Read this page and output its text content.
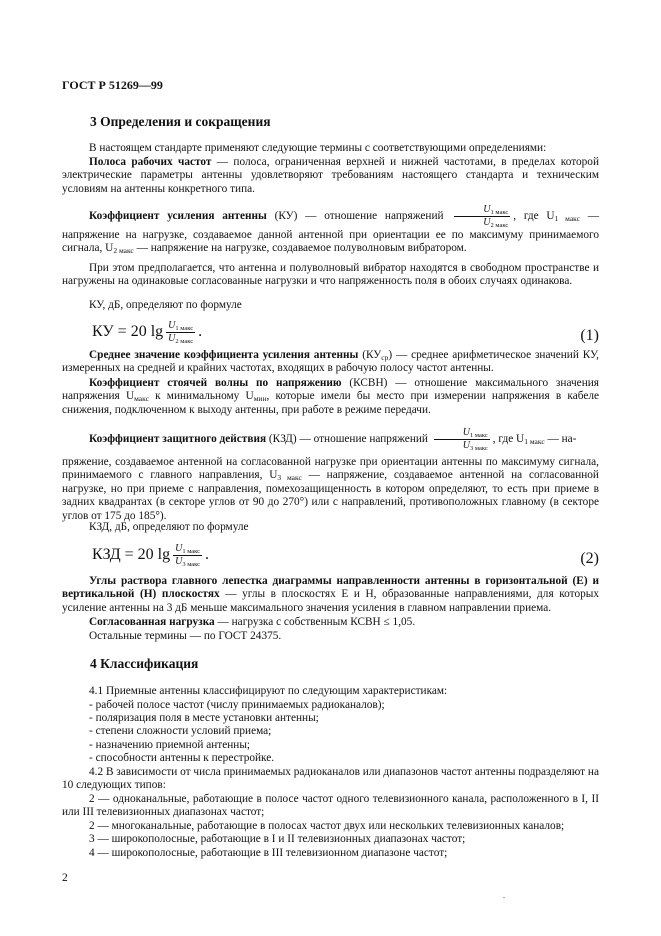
ГОСТ Р 51269—99
3 Определения и сокращения
В настоящем стандарте применяют следующие термины с соответствующими определениями:
Полоса рабочих частот — полоса, ограниченная верхней и нижней частотами, в пределах которой электрические параметры антенны удовлетворяют требованиям настоящего стандарта и техническим условиям на антенны конкретного типа.
Коэффициент усиления антенны (КУ) — отношение напряжений $\frac{U_{1 макс}}{U_{2 макс}}$ , где $U_{1 макс}$ — напряжение на нагрузке, создаваемое данной антенной при ориентации ее по максимуму принимаемого сигнала, $U_{2 макс}$ — напряжение на нагрузке, создаваемое полуволновым вибратором.
При этом предполагается, что антенна и полуволновый вибратор находятся в свободном пространстве и нагружены на одинаковые согласованные нагрузки и что напряженность поля в обоих случаях одинакова.
КУ, дБ, определяют по формуле
КУ = 20 $\lg \frac{U_{1 макс}}{U_{2 макс}}$ .	(1)
Среднее значение коэффициента усиления антенны $(КУ_{ср})$ — среднее арифметическое значений КУ, измеренных на средней и крайних частотах, входящих в рабочую полосу частот антенны.
Коэффициент стоячей волны по напряжению (КСВН) — отношение максимального значения напряжения $U_{макс}$ к минимальному $U_{мин}$, которые имели бы место при измерении напряжения в кабеле снижения, подключенном к выходу антенны, при работе в режиме передачи.
Коэффициент защитного действия (КЗД) — отношение напряжений $\frac{U_{1 макс}}{U_{3 макс}}$ , где $U_{1 макс}$ — на-
пряжение, создаваемое антенной на согласованной нагрузке при ориентации антенны по максимуму сигнала, принимаемого с главного направления, $U_{3 макс}$ — напряжение, создаваемое антенной на согласованной нагрузке, но при приеме с направления, помехозащищенность в котором определяют, то есть при приеме в задних квадрантах (в секторе углов от 90 до 270°) или с направлений, противоположных главному (в секторе углов от 175 до 185°).
КЗД, дБ, определяют по формуле
КЗД = 20 $\lg \frac{U_{1 макс}}{U_{3 макс}}$ .	(2)
Углы раствора главного лепестка диаграммы направленности антенны в горизонтальной (Е) и вертикальной (Н) плоскостях — углы в плоскостях E и H, образованные направлениями, для которых усиление антенны на 3 дБ меньше максимального значения усиления в главном направлении приема.
Согласованная нагрузка — нагрузка с собственным КСВН ≤ 1,05.
Остальные термины — по ГОСТ 24375.
4 Классификация
4.1 Приемные антенны классифицируют по следующим характеристикам:
- рабочей полосе частот (числу принимаемых радиоканалов);
- поляризация поля в месте установки антенны;
- степени сложности условий приема;
- назначению приемной антенны;
- способности антенны к перестройке.
4.2 В зависимости от числа принимаемых радиоканалов или диапазонов частот антенны подразделяют на 10 следующих типов:
2 — одноканальные, работающие в полосе частот одного телевизионного канала, расположенного в I, II или III телевизионных диапазонах частот;
2 — многоканальные, работающие в полосах частот двух или нескольких телевизионных каналов;
3 — широкополосные, работающие в I и II телевизионных диапазонах частот;
4 — широкополосные, работающие в III телевизионном диапазоне частот;
2
.
